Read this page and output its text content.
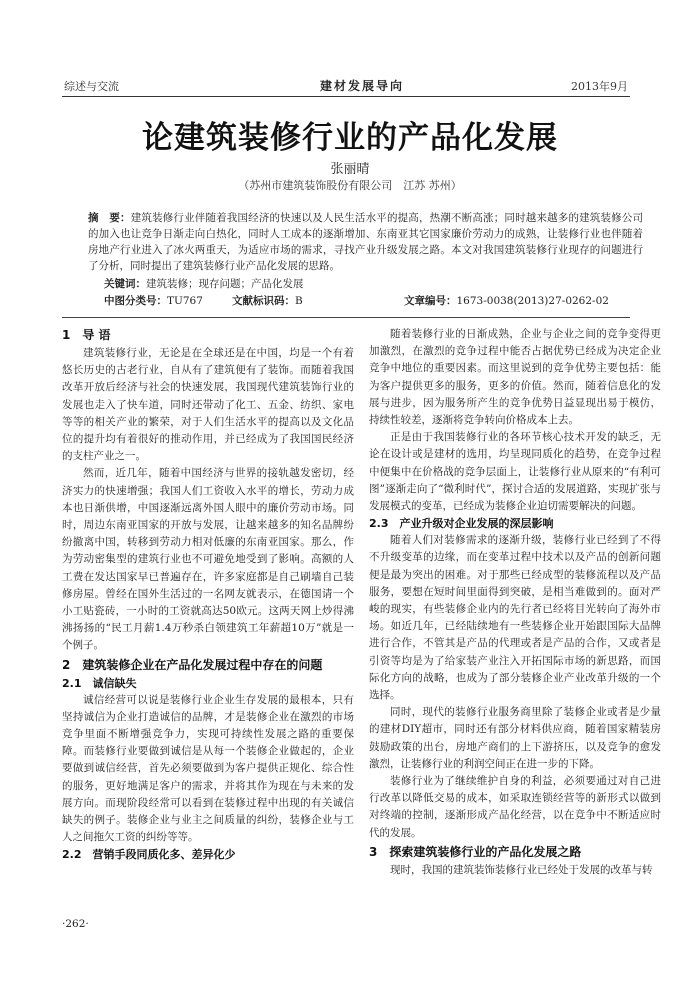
综述与交流	建材发展导向	2013年9月
论建筑装修行业的产品化发展
张丽晴
（苏州市建筑装饰股份有限公司　江苏 苏州）
摘　要：建筑装修行业伴随着我国经济的快速以及人民生活水平的提高，热潮不断高涨；同时越来越多的建筑装修公司的加入也让竞争日渐走向白热化，同时人工成本的逐渐增加、东南亚其它国家廉价劳动力的成熟，让装修行业也伴随着房地产行业进入了冰火两重天，为适应市场的需求，寻找产业升级发展之路。本文对我国建筑装修行业现存的问题进行了分析，同时提出了建筑装修行业产品化发展的思路。
关键词：建筑装修；现存问题；产品化发展
中图分类号：TU767	文献标识码：B	文章编号：1673-0038(2013)27-0262-02
1　导 语

建筑装修行业，无论是在全球还是在中国，均是一个有着悠长历史的古老行业，自从有了建筑便有了装饰。而随着我国改革开放后经济与社会的快速发展，我国现代建筑装饰行业的发展也走入了快车道，同时还带动了化工、五金、纺织、家电等等的相关产业的繁荣，对于人们生活水平的提高以及文化品位的提升均有着很好的推动作用，并已经成为了我国国民经济的支柱产业之一。

然而，近几年，随着中国经济与世界的接轨越发密切，经济实力的快速增强；我国人们工资收入水平的增长，劳动力成本也日渐供增，中国逐渐远离外国人眼中的廉价劳动市场。同时，周边东南亚国家的开放与发展，让越来越多的知名品牌纷纷撤离中国，转移到劳动力相对低廉的东南亚国家。那么，作为劳动密集型的建筑行业也不可避免地受到了影响。高额的人工费在发达国家早已普遍存在，许多家庭都是自己刷墙自己装修房屋。曾经在国外生活过的一名网友就表示，在德国请一个小工贴瓷砖，一小时的工资就高达50欧元。这两天网上炒得沸沸扬扬的“民工月薪1.4万秒杀白领建筑工年薪超10万”就是一个例子。

2　建筑装修企业在产品化发展过程中存在的问题
2.1　诚信缺失

诚信经营可以说是装修行业企业生存发展的最根本，只有坚持诚信为企业打造诚信的品牌，才是装修企业在激烈的市场竞争里面不断增强竞争力，实现可持续性发展之路的重要保障。而装修行业要做到诚信是从每一个装修企业做起的，企业要做到诚信经营，首先必须要做到为客户提供正规化、综合性的服务，更好地满足客户的需求，并将其作为现在与未来的发展方向。而现阶段经常可以看到在装修过程中出现的有关诚信缺失的例子。装修企业与业主之间质量的纠纷，装修企业与工人之间拖欠工资的纠纷等等。

2.2　营销手段同质化多、差异化少

随着装修行业的日渐成熟，企业与企业之间的竞争变得更加激烈，在激烈的竞争过程中能否占据优势已经成为决定企业竞争中地位的重要因素。而这里说到的竞争优势主要包括：能为客户提供更多的服务，更多的价值。然而，随着信息化的发展与进步，因为服务所产生的竞争优势日益显现出易于模仿，持续性较差，逐渐将竞争转向价格成本上去。

正是由于我国装修行业的各环节核心技术开发的缺乏，无论在设计或是建材的选用，均呈现同质化的趋势，在竞争过程中便集中在价格战的竞争层面上，让装修行业从原来的“有利可图”逐渐走向了“微利时代”，探讨合适的发展道路，实现扩张与发展模式的变革，已经成为装修企业迫切需要解决的问题。

2.3　产业升级对企业发展的深层影响

随着人们对装修需求的逐渐升级，装修行业已经到了不得不升级变革的边缘，而在变革过程中技术以及产品的创新问题便是最为突出的困难。对于那些已经成型的装修流程以及产品服务，要想在短时间里面得到突破，是相当难做到的。面对严峻的现实，有些装修企业内的先行者已经将目光转向了海外市场。如近几年，已经陆续地有一些装修企业开始跟国际大品牌进行合作，不管其是产品的代理或者是产品的合作，又或者是引资等均是为了给家装产业注入开拓国际市场的新思路，而国际化方向的战略，也成为了部分装修企业产业改革升级的一个选择。

同时，现代的装修行业服务商里除了装修企业或者是少量的建材DIY超市，同时还有部分材料供应商，随着国家精装房鼓励政策的出台，房地产商们的上下游挤压，以及竞争的愈发激烈，让装修行业的利润空间正在进一步的下降。

装修行业为了继续维护自身的利益，必须要通过对自己进行改革以降低交易的成本，如采取连锁经营等的新形式以做到对终端的控制，逐渐形成产品化经营，以在竞争中不断适应时代的发展。

3　探索建筑装修行业的产品化发展之路

现时，我国的建筑装饰装修行业已经处于发展的改革与转

·262·
